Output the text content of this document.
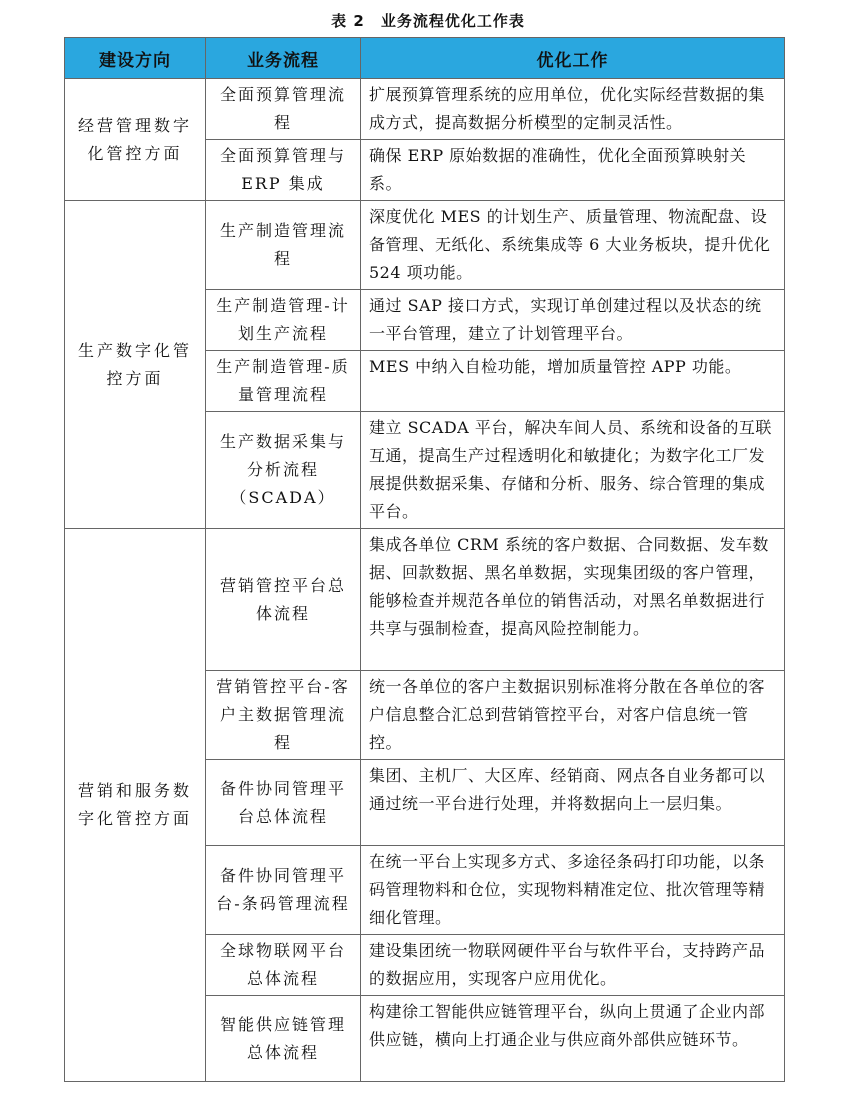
表 2　业务流程优化工作表
建设方向	业务流程	优化工作
经营管理数字化管控方面	全面预算管理流程	扩展预算管理系统的应用单位，优化实际经营数据的集成方式，提高数据分析模型的定制灵活性。
	全面预算管理与ERP 集成	确保 ERP 原始数据的准确性，优化全面预算映射关系。
生产数字化管控方面	生产制造管理流程	深度优化 MES 的计划生产、质量管理、物流配盘、设备管理、无纸化、系统集成等 6 大业务板块，提升优化 524 项功能。
	生产制造管理-计划生产流程	通过 SAP 接口方式，实现订单创建过程以及状态的统一平台管理，建立了计划管理平台。
	生产制造管理-质量管理流程	MES 中纳入自检功能，增加质量管控 APP 功能。
	生产数据采集与分析流程（SCADA）	建立 SCADA 平台，解决车间人员、系统和设备的互联互通，提高生产过程透明化和敏捷化；为数字化工厂发展提供数据采集、存储和分析、服务、综合管理的集成平台。
营销和服务数字化管控方面	营销管控平台总体流程	集成各单位 CRM 系统的客户数据、合同数据、发车数据、回款数据、黑名单数据，实现集团级的客户管理，能够检查并规范各单位的销售活动，对黑名单数据进行共享与强制检查，提高风险控制能力。
	营销管控平台-客户主数据管理流程	统一各单位的客户主数据识别标准将分散在各单位的客户信息整合汇总到营销管控平台，对客户信息统一管控。
	备件协同管理平台总体流程	集团、主机厂、大区库、经销商、网点各自业务都可以通过统一平台进行处理，并将数据向上一层归集。
	备件协同管理平台-条码管理流程	在统一平台上实现多方式、多途径条码打印功能，以条码管理物料和仓位，实现物料精准定位、批次管理等精细化管理。
	全球物联网平台总体流程	建设集团统一物联网硬件平台与软件平台，支持跨产品的数据应用，实现客户应用优化。
	智能供应链管理总体流程	构建徐工智能供应链管理平台，纵向上贯通了企业内部供应链，横向上打通企业与供应商外部供应链环节。
